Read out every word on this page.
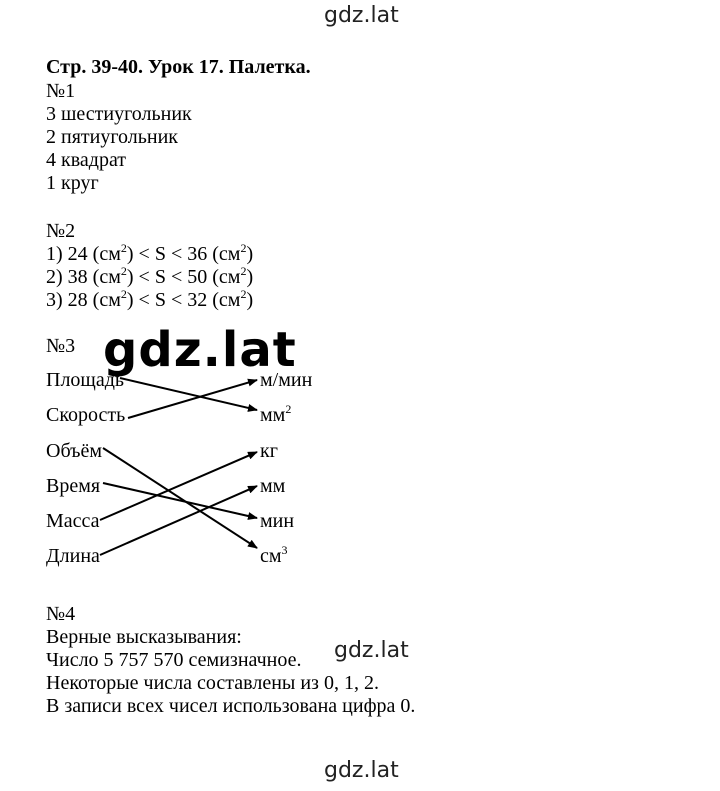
gdz.lat
gdz.lat
Стр. 39-40. Урок 17. Палетка.
№1
3 шестиугольник
2 пятиугольник
4 квадрат
1 круг
№2
1) 24 $(см^2) < S < 36$ $(см^2)$
2) 38 $(см^2) < S < 50$ $(см^2)$
3) 28 $(см^2) < S < 32$ $(см^2)$
№3
Площадь
Скорость
Объём
Время
Масса
Длина
м/мин
$мм^2$
кг
мм
мин
$см^3$
№4
Верные высказывания:
Число 5 757 570 семизначное.
Некоторые числа составлены из 0, 1, 2.
В записи всех чисел использована цифра 0.
gdz.lat
gdz.lat
